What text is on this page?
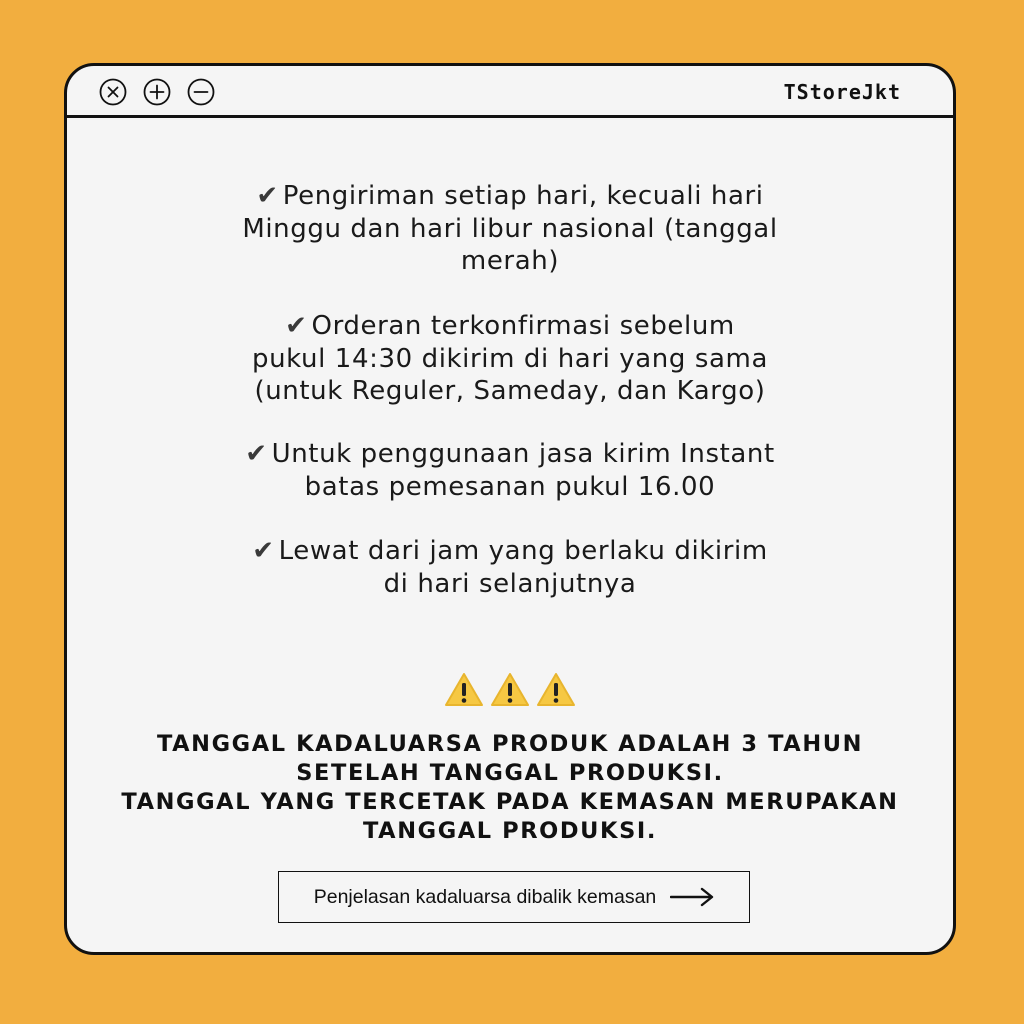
TStoreJkt
✔ Pengiriman setiap hari, kecuali hari
Minggu dan hari libur nasional (tanggal
merah)
✔ Orderan terkonfirmasi sebelum
pukul 14:30 dikirim di hari yang sama
(untuk Reguler, Sameday, dan Kargo)
✔ Untuk penggunaan jasa kirim Instant
batas pemesanan pukul 16.00
✔ Lewat dari jam yang berlaku dikirim
di hari selanjutnya
TANGGAL KADALUARSA PRODUK ADALAH 3 TAHUN
SETELAH TANGGAL PRODUKSI.
TANGGAL YANG TERCETAK PADA KEMASAN MERUPAKAN
TANGGAL PRODUKSI.
Penjelasan kadaluarsa dibalik kemasan
